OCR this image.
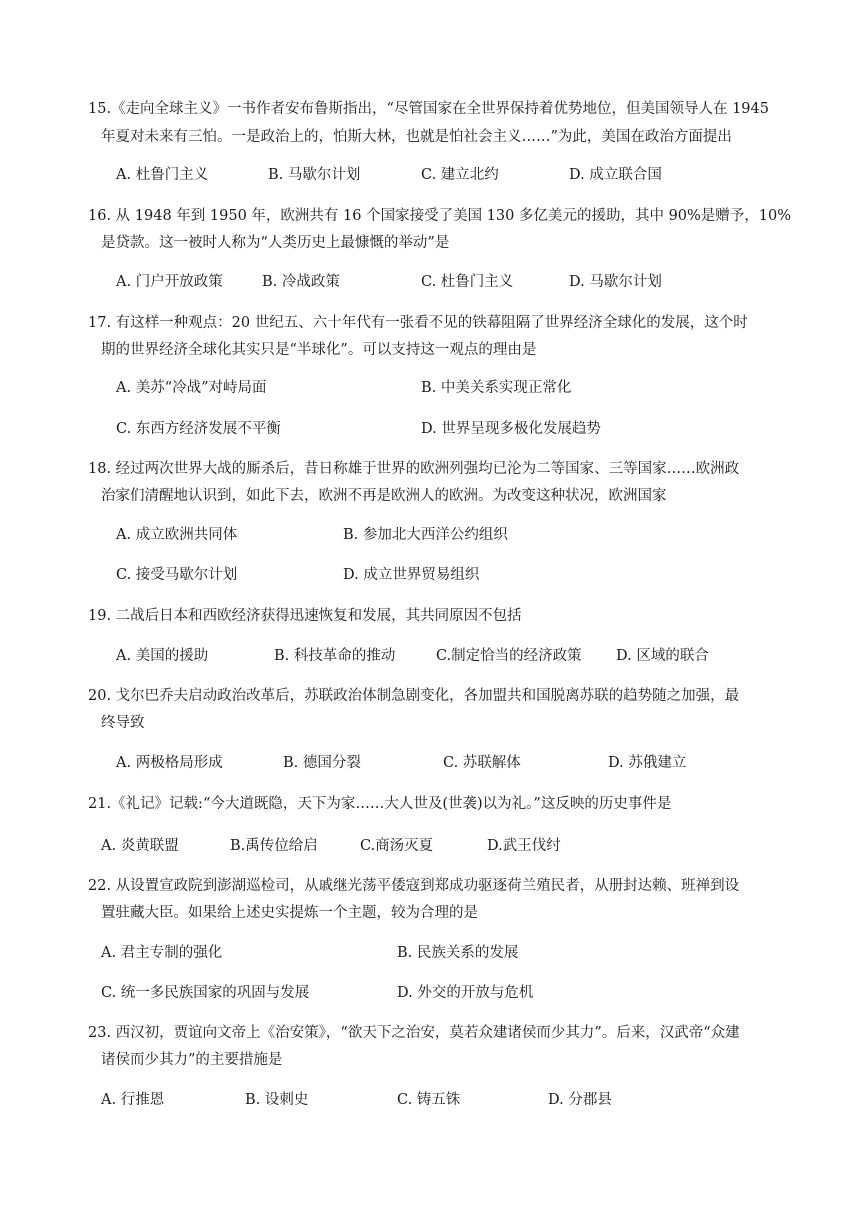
15.《走向全球主义》一书作者安布鲁斯指出，“尽管国家在全世界保持着优势地位，但美国领导人在 1945
年夏对未来有三怕。一是政治上的，怕斯大林，也就是怕社会主义……”为此，美国在政治方面提出
A. 杜鲁门主义	B. 马歇尔计划	C. 建立北约	D. 成立联合国
16. 从 1948 年到 1950 年，欧洲共有 16 个国家接受了美国 130 多亿美元的援助，其中 90%是赠予，10%
是贷款。这一被时人称为“人类历史上最慷慨的举动”是
A. 门户开放政策	B. 冷战政策	C. 杜鲁门主义	D. 马歇尔计划
17. 有这样一种观点：20 世纪五、六十年代有一张看不见的铁幕阻隔了世界经济全球化的发展，这个时
期的世界经济全球化其实只是“半球化”。可以支持这一观点的理由是
A. 美苏“冷战”对峙局面	B. 中美关系实现正常化
C. 东西方经济发展不平衡	D. 世界呈现多极化发展趋势
18. 经过两次世界大战的厮杀后，昔日称雄于世界的欧洲列强均已沦为二等国家、三等国家……欧洲政
治家们清醒地认识到，如此下去，欧洲不再是欧洲人的欧洲。为改变这种状况，欧洲国家
A. 成立欧洲共同体	B. 参加北大西洋公约组织
C. 接受马歇尔计划	D. 成立世界贸易组织
19. 二战后日本和西欧经济获得迅速恢复和发展，其共同原因不包括
A. 美国的援助	B. 科技革命的推动	C.制定恰当的经济政策 D. 区域的联合
20. 戈尔巴乔夫启动政治改革后，苏联政治体制急剧变化，各加盟共和国脱离苏联的趋势随之加强，最
终导致
A. 两极格局形成	B. 德国分裂	C. 苏联解体	D. 苏俄建立
21.《礼记》记载:“今大道既隐，天下为家……大人世及(世袭)以为礼。”这反映的历史事件是
A. 炎黄联盟	B.禹传位给启	C.商汤灭夏	D.武王伐纣
22. 从设置宣政院到澎湖巡检司，从戚继光荡平倭寇到郑成功驱逐荷兰殖民者，从册封达赖、班禅到设
置驻藏大臣。如果给上述史实提炼一个主题，较为合理的是
A. 君主专制的强化	B. 民族关系的发展
C. 统一多民族国家的巩固与发展	D. 外交的开放与危机
23. 西汉初，贾谊向文帝上《治安策》，“欲天下之治安，莫若众建诸侯而少其力”。后来，汉武帝“众建
诸侯而少其力”的主要措施是
A. 行推恩	B. 设刺史	C. 铸五铢	D. 分郡县
